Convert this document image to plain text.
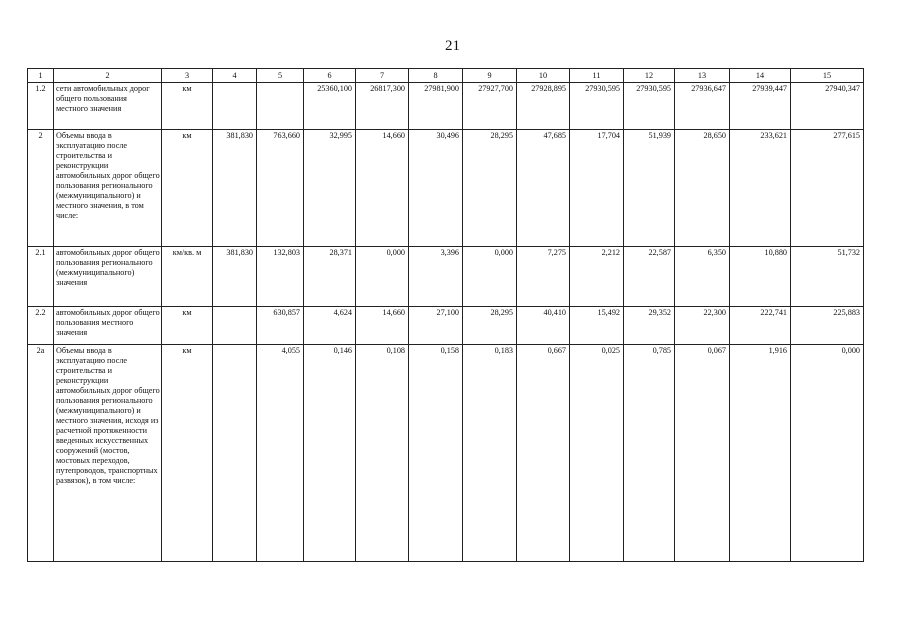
21
1	2	3	4	5	6	7	8	9	10	11	12	13	14	15
1.2	сети автомобильных дорог общего пользования местного значения	км			25360,100	26817,300	27981,900	27927,700	27928,895	27930,595	27930,595	27936,647	27939,447	27940,347
2	Объемы ввода в эксплуатацию после строительства и реконструкции автомобильных дорог общего пользования регионального (межмуниципального) и местного значения, в том числе:	км	381,830	763,660	32,995	14,660	30,496	28,295	47,685	17,704	51,939	28,650	233,621	277,615
2.1	автомобильных дорог общего пользования регионального (межмуниципального) значения	км/кв. м	381,830	132,803	28,371	0,000	3,396	0,000	7,275	2,212	22,587	6,350	10,880	51,732
2.2	автомобильных дорог общего пользования местного значения	км		630,857	4,624	14,660	27,100	28,295	40,410	15,492	29,352	22,300	222,741	225,883
2а	Объемы ввода в эксплуатацию после строительства и реконструкции автомобильных дорог общего пользования регионального (межмуниципального) и местного значения, исходя из расчетной протяженности введенных искусственных сооружений (мостов, мостовых переходов, путепроводов, транспортных развязок), в том числе:	км		4,055	0,146	0,108	0,158	0,183	0,667	0,025	0,785	0,067	1,916	0,000
